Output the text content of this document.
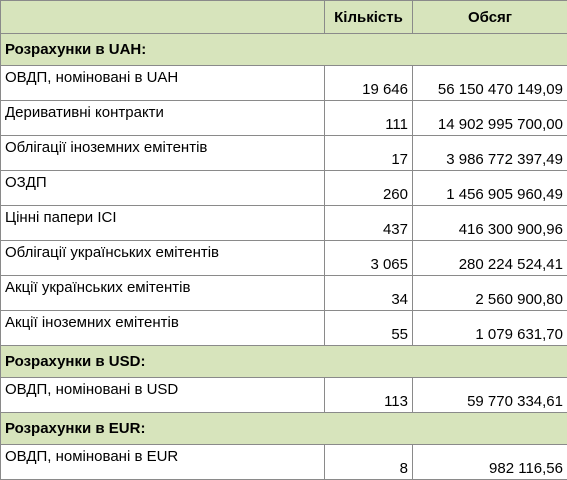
	Кількість	Обсяг
Розрахунки в UAH:		
ОВДП, номіновані в UAH	19 646	56 150 470 149,09
Деривативні контракти	111	14 902 995 700,00
Облігації іноземних емітентів	17	3 986 772 397,49
ОЗДП	260	1 456 905 960,49
Цінні папери ІСІ	437	416 300 900,96
Облігації українських емітентів	3 065	280 224 524,41
Акції українських емітентів	34	2 560 900,80
Акції іноземних емітентів	55	1 079 631,70
Розрахунки в USD:		
ОВДП, номіновані в USD	113	59 770 334,61
Розрахунки в EUR:		
ОВДП, номіновані в EUR	8	982 116,56
